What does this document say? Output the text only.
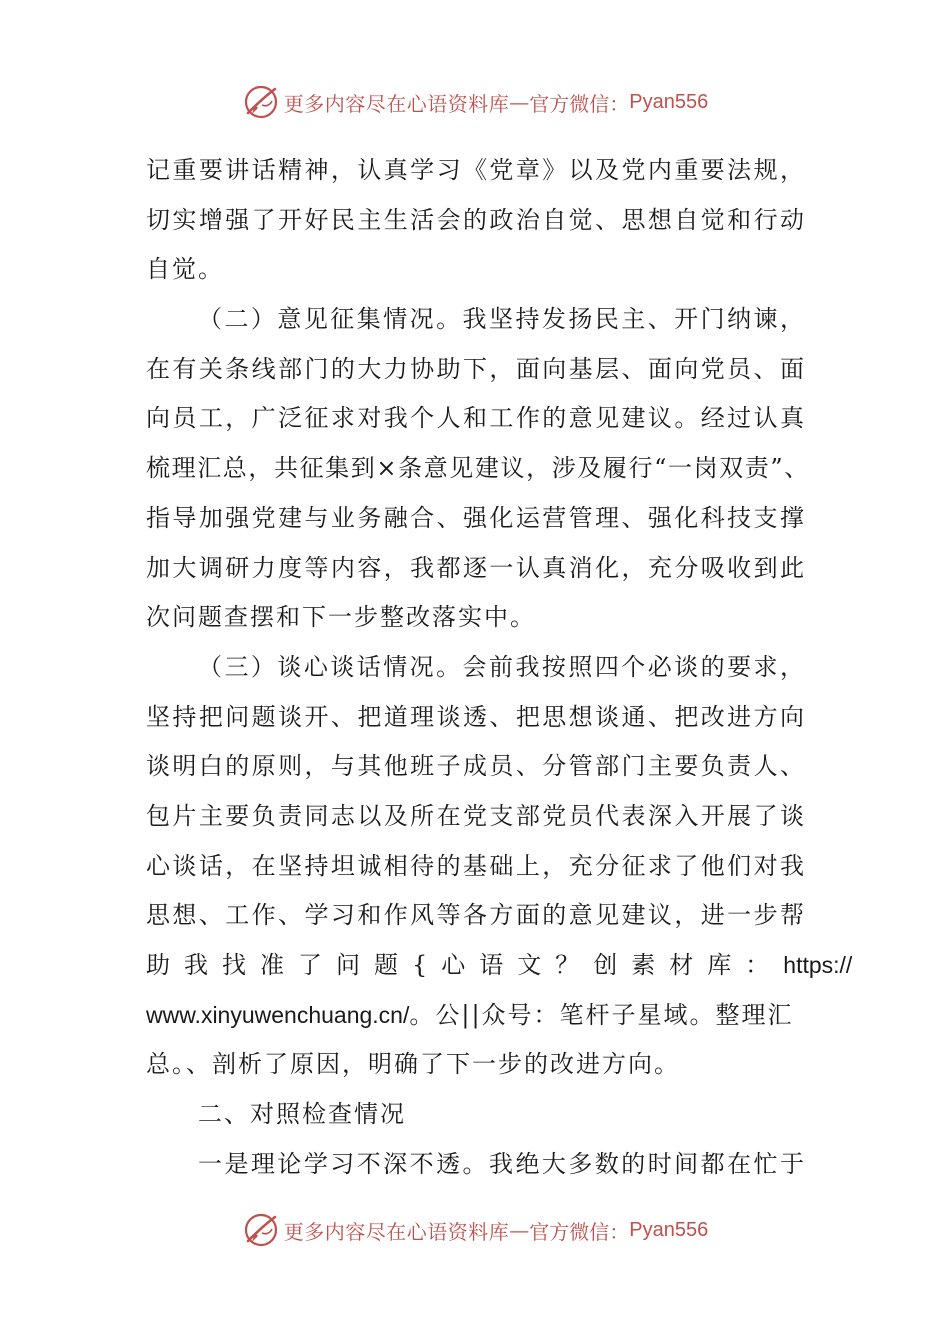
更多内容尽在心语资料库 — 官方微信： Pyan556
记重要讲话精神，认真学习《党章》以及党内重要法规，
切实增强了开好民主生活会的政治自觉、思想自觉和行动
自觉。
（二）意见征集情况。我坚持发扬民主、开门纳谏，
在有关条线部门的大力协助下，面向基层、面向党员、面
向员工，广泛征求对我个人和工作的意见建议。经过认真
梳理汇总，共征集到×条意见建议，涉及履行“一岗双责”、
指导加强党建与业务融合、强化运营管理、强化科技支撑
加大调研力度等内容，我都逐一认真消化，充分吸收到此
次问题查摆和下一步整改落实中。
（三）谈心谈话情况。会前我按照四个必谈的要求，
坚持把问题谈开、把道理谈透、把思想谈通、把改进方向
谈明白的原则，与其他班子成员、分管部门主要负责人、
包片主要负责同志以及所在党支部党员代表深入开展了谈
心谈话，在坚持坦诚相待的基础上，充分征求了他们对我
思想、工作、学习和作风等各方面的意见建议，进一步帮
助我找准了问题{心语文？创素材库： https://
www.xinyuwenchuang.cn/。公||众号：笔杆子星域。整理汇
总。、剖析了原因，明确了下一步的改进方向。
二、对照检查情况
一是理论学习不深不透。我绝大多数的时间都在忙于
更多内容尽在心语资料库 — 官方微信： Pyan556
